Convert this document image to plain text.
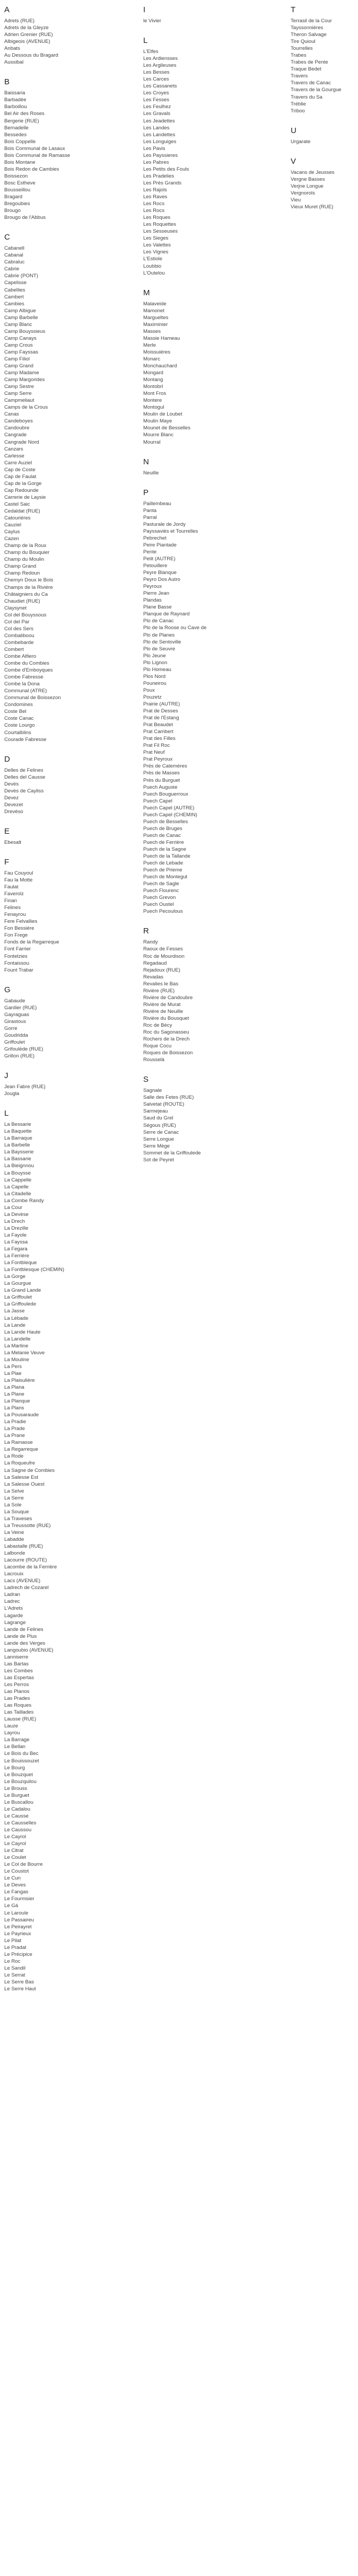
A
Adrets (RUE)
Adrets de la Gleyze
Adrien Grenier (RUE)
Albigeois (AVENUE)
Anbats
Au Dessous du Bragard
Aussibal
B
Baissaria
Barbadée
Barboillou
Bel Air des Roses
Bergerie (RUE)
Bernadelle
Bessedes
Bois Coppelle
Bois Communal de Lasaux
Bois Communal de Ramasse
Bois Montane
Bois Redon de Cambies
Boissezon
Bosc Estheve
Bousseillou
Bragard
Bregoubies
Brougo
Brougo de l'Abbus
C
Cabanell
Cabanal
Cabraluc
Cabrie
Cabrie (PONT)
Capelisse
Cabellies
Cambert
Cambies
Camp Albigue
Camp Barbelle
Camp Blanc
Camp Bouyssieus
Camp Canays
Camp Crous
Camp Fayssas
Camp Filiol
Camp Grand
Camp Madame
Camp Margorides
Camp Sestre
Camp Serre
Campmeliaut
Camps de la Crous
Canas
Candeboyes
Candoubre
Cangrade
Cangrade Nord
Canzars
Carlesse
Carre Auziel
Cap de Coste
Cap de Faulat
Cap de la Gorge
Cap Redounde
Carrerie de Laysie
Castel Saic
Cedaldat (RUE)
Catouriéres
Cauziel
Caylus
Cazen
Champ de la Roux
Champ du Bouquier
Champ du Moulin
Champ Grand
Champ Redoun
Chemyn Doux le Bois
Champs de la Rivière
Châtaigniers du Ca
Chaudiet (RUE)
Claysynet
Col del Bouyssous
Col del Par
Col des Sers
Combaliboou
Combebarde
Combert
Combe Alfiero
Combe du Combies
Combe d'Emboyques
Combe Fabresse
Combe la Dona
Communal (ATRE)
Communal de Boissezon
Condomines
Coste Bel
Coste Canac
Coste Lourgo
Courtalblins
Courade Fabresse
D
Delles de Felines
Delles del Causse
Devès
Devès de Cayliss
Devez
Devezet
Drevèso
E
Ebesalt
F
Fau Couyoul
Fau la Motte
Faulat
Faverolz
Finan
Felines
Fenayrou
Fere Felvallies
Fon Bessière
Fon Frege
Fonds de la Regarreque
Font Farrier
Fontelzies
Fontaissou
Fount Trabar
G
Gabaude
Gardier (RUE)
Gayraguas
Girastous
Gorre
Goudridda
Griffoulet
Grifoulède (RUE)
Grillon (RUE)
J
Jean Fabre (RUE)
Jougla
L
La Bessarie
La Baquette
La Barraque
La Barbelle
La Baysserie
La Bassarie
La Bieignnou
La Bouysse
La Cappelle
La Capelle
La Citadelle
La Combe Randy
La Cour
La Devèse
La Drech
La Drezille
La Fayole
La Fayssa
La Fegara
La Ferrière
La Fontbleque
La Fontblesque (CHEMIN)
La Gorge
La Gourgue
La Grand Lande
La Griffoulet
La Griffoulede
La Jasse
La Lébade
La Lande
La Lande Haute
La Landelle
La Martine
La Melanie Veuve
La Mouline
La Pers
La Plae
La Plaisulière
La Plana
La Plane
La Planque
La Plans
La Pousaraude
La Pradie
La Prade
La Prane
La Ramasse
La Regarreque
La Rode
La Roqueufre
La Sagne de Combies
La Salesse Est
La Salesse Ouest
La Selve
La Serre
La Sole
La Souque
La Traveses
La Treussotte (RUE)
La Veine
Labadde
Labastalle (RUE)
Lalbonde
Lacourre (ROUTE)
Lacombe de la Ferrière
Lacrouix
Lacs (AVENUE)
Ladrech de Cozarel
Ladran
Ladrec
L'Adrets
Lagarde
Lagrange
Lande de Felines
Lande de Plus
Lande des Verges
Langoubio (AVENUE)
Lanniserre
Las Bartas
Les Combes
Las Espertas
Les Perros
Las Planos
Las Prades
Las Roques
Las Taillades
Lausse (RUE)
Lauze
Layrou
La Barrage
Le Bellan
Le Bois du Bec
Le Bouissouzet
Le Bourg
Le Bouzquet
Le Bouzquilou
Le Brouss
Le Burguet
Le Buscallou
Le Cadalou
Le Causse
Le Causselles
Le Caussou
Le Cayrol
Le Cayrol
Le Citrat
Le Coulet
Le Col de Bourre
Le Coustot
Le Cun
Le Deves
Le Fangas
Le Fourmsier
Le Gá
Le Laroule
Le Passaireu
Le Peirayret
Le Payrieux
Le Pilat
Le Pradat
Le Précipice
Le Roc
Le Sandil
Le Serrat
Le Serre Bas
Le Serre Haut
I
le Vivier
L
L'Elfes
Les Ardiensses
Les Argileuses
Les Besses
Les Carces
Les Cassanets
Les Croyes
Les Fesses
Les Feulhez
Les Gravals
Les Jeadettes
Les Landes
Les Landettes
Les Longuiges
Les Pavis
Les Payssieres
Les Pabres
Les Petits des Fouls
Les Pradelies
Les Près Grands
Les Rajols
Les Raves
Les Rocs
Les Rocs
Les Roques
Les Roquettes
Les Sesseuses
Les Sieges
Les Valettes
Les Vignes
L'Estiole
Loubbio
L'Outelou
M
Malaveide
Mamonet
Margueltes
Maximinier
Masses
Massie Hameau
Merle
Moissuières
Monarc
Monchauchard
Mongard
Montang
Montobrl
Mont Fros
Montere
Montogul
Moulin de Loubet
Moulin Maye
Mounet de Besselles
Mourre Blanc
Mourral
N
Neuille
P
Paillembeau
Panta
Parral
Pasturale de Jordy
Payssaviès et Tourrelles
Pebrechet
Peire Piantade
Pente
Petit (AUTRE)
Petouillere
Peyre Blanque
Peyro Dos Autro
Peyroux
Pierre Jean
Plandas
Plane Basse
Planque de Raynard
Plo de Canac
Plo de la Roose ou Cave de
Plo de Planes
Plo de Sentoville
Plo de Seuvre
Plo Jeune
Plo Lignon
Plo Homeau
Plos Nord
Pouneirou
Poux
Pouzetz
Prairie (AUTRE)
Prat de Desses
Prat de l'Estang
Prat Beaudet
Prat Cambert
Prat des Filles
Prat Fil Roc
Prat Neuf
Prat Peyroux
Prés de Catemères
Près de Masses
Près du Burguet
Puech Auguste
Puech Bouguerroux
Puech Capel
Puech Capel (AUTRE)
Puech Capel (CHEMIN)
Puech de Besselles
Puech de Bruges
Puech de Canac
Puech de Ferrière
Puech de la Sagne
Puech de la Tallande
Puech de Lebade
Puech de Prieme
Puech de Montegut
Puech de Sagle
Puech Flourenc
Puech Grevon
Puech Oustel
Puech Pecoulous
R
Randy
Raoux de Fesses
Roc de Mourdison
Regadaud
Rejadoux (RUE)
Revadas
Revalies le Bas
Rivière (RUE)
Rivière de Candoubre
Rivière de Murat
Rivière de Neuille
Rivière du Bousquet
Roc de Bècy
Roc du Sagonasseu
Rochers de la Drech
Roque Cocu
Roques de Boissezon
Rousselà
S
Sagnale
Salle des Fetes (RUE)
Salvetat (ROUTE)
Sarmejeau
Saud du Grel
Ségous (RUE)
Serre de Canac
Serre Longue
Serre Mège
Sommet de la Griffoulede
Sot de Peyret
T
Terrasil de la Cour
Tayssonnières
Theron Salvage
Tire Quioul
Tourrelles
Trabes
Trabes de Pente
Traque Bedet
Travers
Travers de Canac
Travers de la Gourgue
Travers du Sa
Tréblie
Triboo
U
Urgarate
V
Vacans de Jeusses
Vergne Basses
Verjne Longue
Vergnorols
Vieu
Vieux Muret (RUE)
